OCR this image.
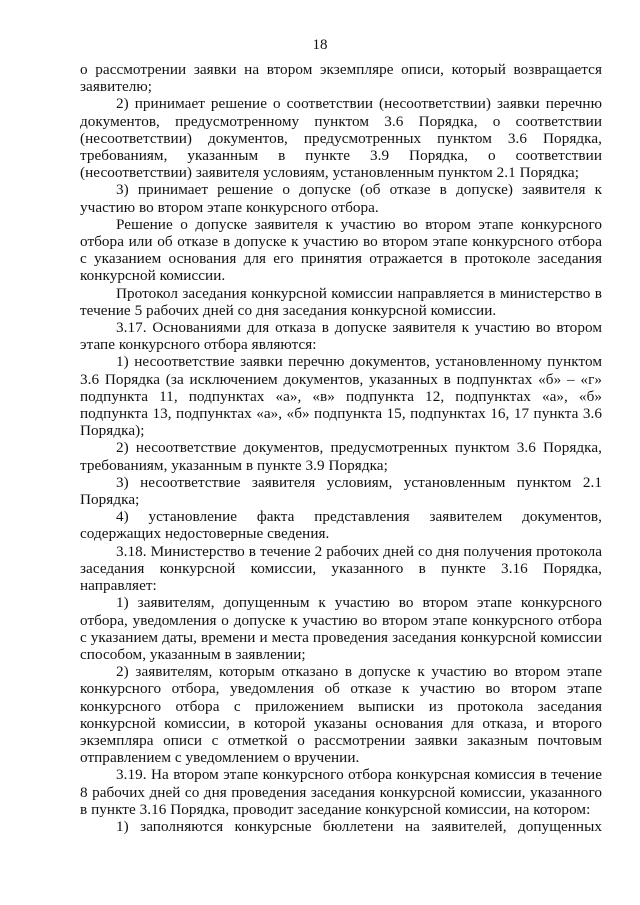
18

о рассмотрении заявки на втором экземпляре описи, который возвращается заявителю;

2) принимает решение о соответствии (несоответствии) заявки перечню документов, предусмотренному пунктом 3.6 Порядка, о соответствии (несоответствии) документов, предусмотренных пунктом 3.6 Порядка, требованиям, указанным в пункте 3.9 Порядка, о соответствии (несоответствии) заявителя условиям, установленным пунктом 2.1 Порядка;

3) принимает решение о допуске (об отказе в допуске) заявителя к участию во втором этапе конкурсного отбора.

Решение о допуске заявителя к участию во втором этапе конкурсного отбора или об отказе в допуске к участию во втором этапе конкурсного отбора с указанием основания для его принятия отражается в протоколе заседания конкурсной комиссии.

Протокол заседания конкурсной комиссии направляется в министерство в течение 5 рабочих дней со дня заседания конкурсной комиссии.

3.17. Основаниями для отказа в допуске заявителя к участию во втором этапе конкурсного отбора являются:

1) несоответствие заявки перечню документов, установленному пунктом 3.6 Порядка (за исключением документов, указанных в подпунктах «б» – «г» подпункта 11, подпунктах «а», «в» подпункта 12, подпунктах «а», «б» подпункта 13, подпунктах «а», «б» подпункта 15, подпунктах 16, 17 пункта 3.6 Порядка);

2) несоответствие документов, предусмотренных пунктом 3.6 Порядка, требованиям, указанным в пункте 3.9 Порядка;

3) несоответствие заявителя условиям, установленным пунктом 2.1 Порядка;

4) установление факта представления заявителем документов, содержащих недостоверные сведения.

3.18. Министерство в течение 2 рабочих дней со дня получения протокола заседания конкурсной комиссии, указанного в пункте 3.16 Порядка, направляет:

1) заявителям, допущенным к участию во втором этапе конкурсного отбора, уведомления о допуске к участию во втором этапе конкурсного отбора с указанием даты, времени и места проведения заседания конкурсной комиссии способом, указанным в заявлении;

2) заявителям, которым отказано в допуске к участию во втором этапе конкурсного отбора, уведомления об отказе к участию во втором этапе конкурсного отбора с приложением выписки из протокола заседания конкурсной комиссии, в которой указаны основания для отказа, и второго экземпляра описи с отметкой о рассмотрении заявки заказным почтовым отправлением с уведомлением о вручении.

3.19. На втором этапе конкурсного отбора конкурсная комиссия в течение 8 рабочих дней со дня проведения заседания конкурсной комиссии, указанного в пункте 3.16 Порядка, проводит заседание конкурсной комиссии, на котором:

1) заполняются конкурсные бюллетени на заявителей, допущенных
